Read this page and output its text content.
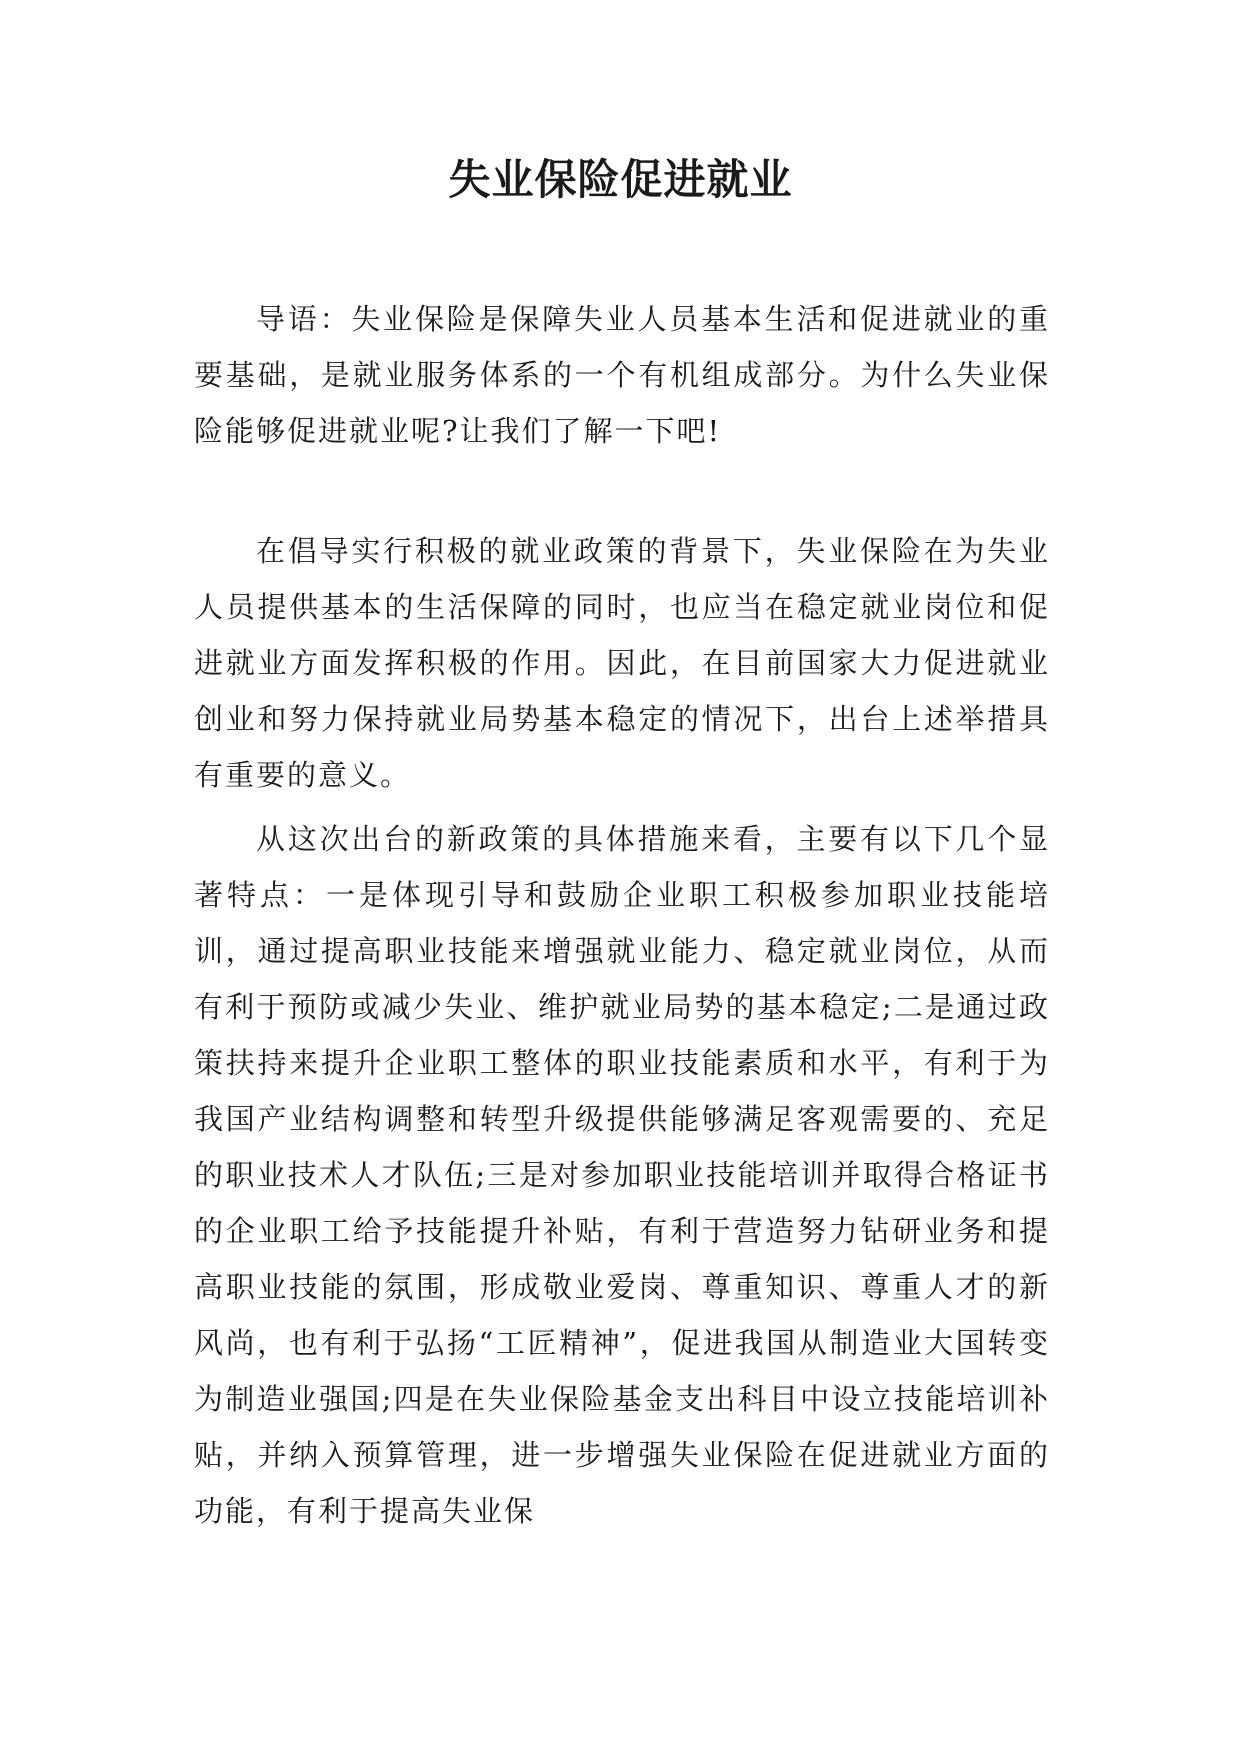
失业保险促进就业

导语：失业保险是保障失业人员基本生活和促进就业的重要基础，是就业服务体系的一个有机组成部分。为什么失业保险能够促进就业呢?让我们了解一下吧!

在倡导实行积极的就业政策的背景下，失业保险在为失业人员提供基本的生活保障的同时，也应当在稳定就业岗位和促进就业方面发挥积极的作用。因此，在目前国家大力促进就业创业和努力保持就业局势基本稳定的情况下，出台上述举措具有重要的意义。

从这次出台的新政策的具体措施来看，主要有以下几个显著特点：一是体现引导和鼓励企业职工积极参加职业技能培训，通过提高职业技能来增强就业能力、稳定就业岗位，从而有利于预防或减少失业、维护就业局势的基本稳定;二是通过政策扶持来提升企业职工整体的职业技能素质和水平，有利于为我国产业结构调整和转型升级提供能够满足客观需要的、充足的职业技术人才队伍;三是对参加职业技能培训并取得合格证书的企业职工给予技能提升补贴，有利于营造努力钻研业务和提高职业技能的氛围，形成敬业爱岗、尊重知识、尊重人才的新风尚，也有利于弘扬“工匠精神”，促进我国从制造业大国转变为制造业强国;四是在失业保险基金支出科目中设立技能培训补贴，并纳入预算管理，进一步增强失业保险在促进就业方面的功能，有利于提高失业保
